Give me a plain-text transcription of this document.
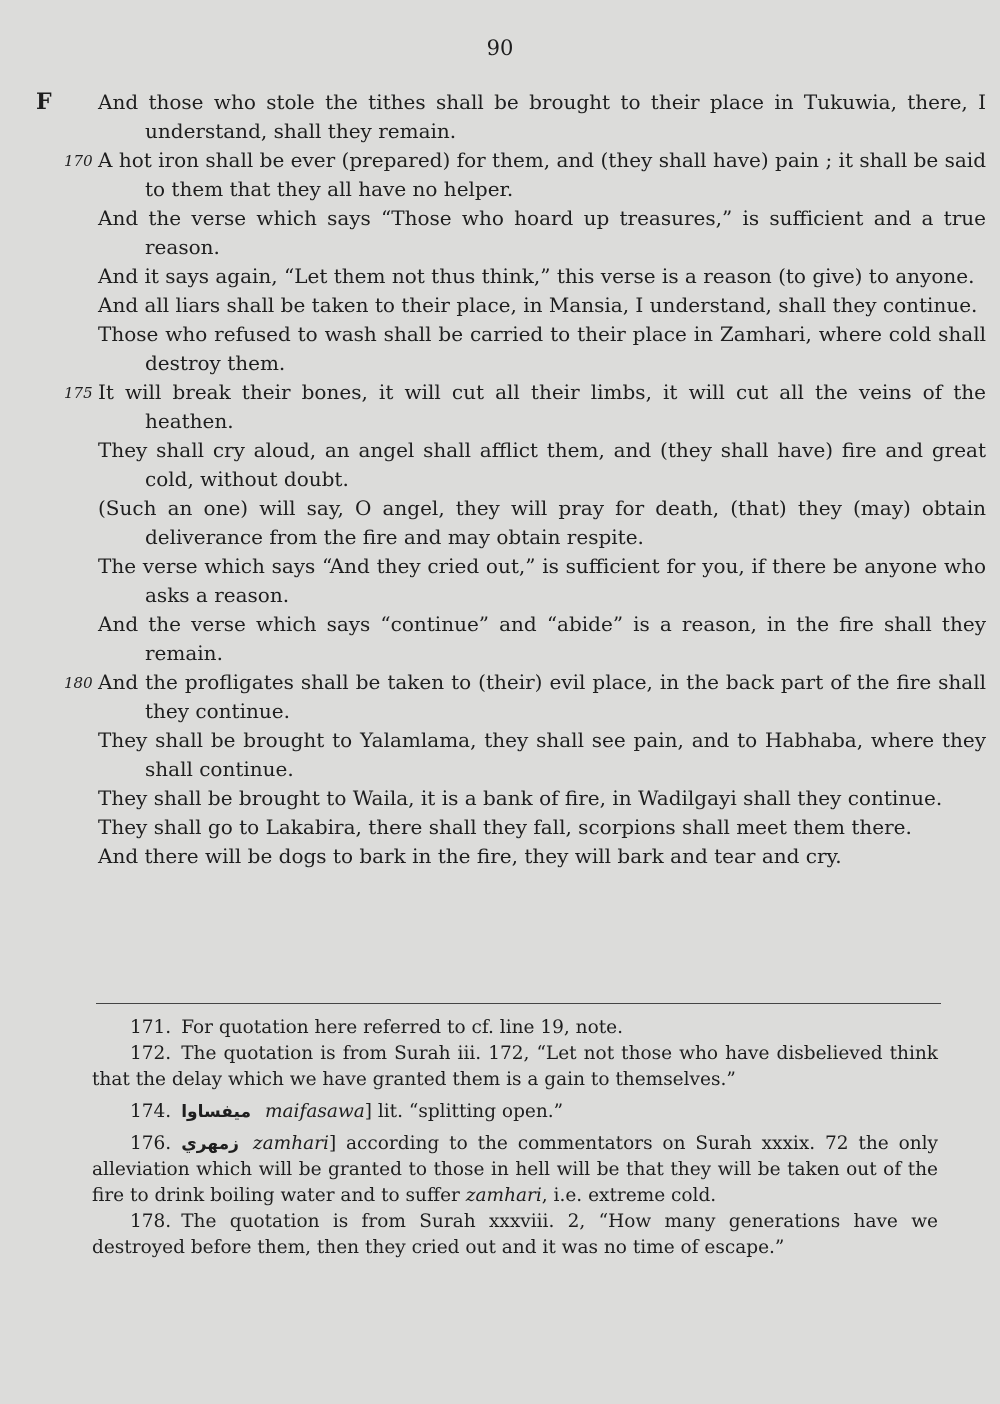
90
F And those who stole the tithes shall be brought to their place in Tukuwia, there, I understand, shall they remain.
170 A hot iron shall be ever (prepared) for them, and (they shall have) pain ; it shall be said to them that they all have no helper.
And the verse which says “Those who hoard up treasures,” is sufficient and a true reason.
And it says again, “Let them not thus think,” this verse is a reason (to give) to anyone.
And all liars shall be taken to their place, in Mansia, I understand, shall they continue.
Those who refused to wash shall be carried to their place in Zamhari, where cold shall destroy them.
175 It will break their bones, it will cut all their limbs, it will cut all the veins of the heathen.
They shall cry aloud, an angel shall afflict them, and (they shall have) fire and great cold, without doubt.
(Such an one) will say, O angel, they will pray for death, (that) they (may) obtain deliverance from the fire and may obtain respite.
The verse which says “And they cried out,” is sufficient for you, if there be anyone who asks a reason.
And the verse which says “continue” and “abide” is a reason, in the fire shall they remain.
180 And the profligates shall be taken to (their) evil place, in the back part of the fire shall they continue.
They shall be brought to Yalamlama, they shall see pain, and to Habhaba, where they shall continue.
They shall be brought to Waila, it is a bank of fire, in Wadilgayi shall they continue.
They shall go to Lakabira, there shall they fall, scorpions shall meet them there.
And there will be dogs to bark in the fire, they will bark and tear and cry.

171. For quotation here referred to cf. line 19, note.

172. The quotation is from Surah iii. 172, “Let not those who have disbelieved think that the delay which we have granted them is a gain to themselves.”

174. ميفساوا maifasawa] lit. “splitting open.”

176. زمهري zamhari] according to the commentators on Surah xxxix. 72 the only alleviation which will be granted to those in hell will be that they will be taken out of the fire to drink boiling water and to suffer zamhari, i.e. extreme cold.

178. The quotation is from Surah xxxviii. 2, “How many generations have we destroyed before them, then they cried out and it was no time of escape.”
